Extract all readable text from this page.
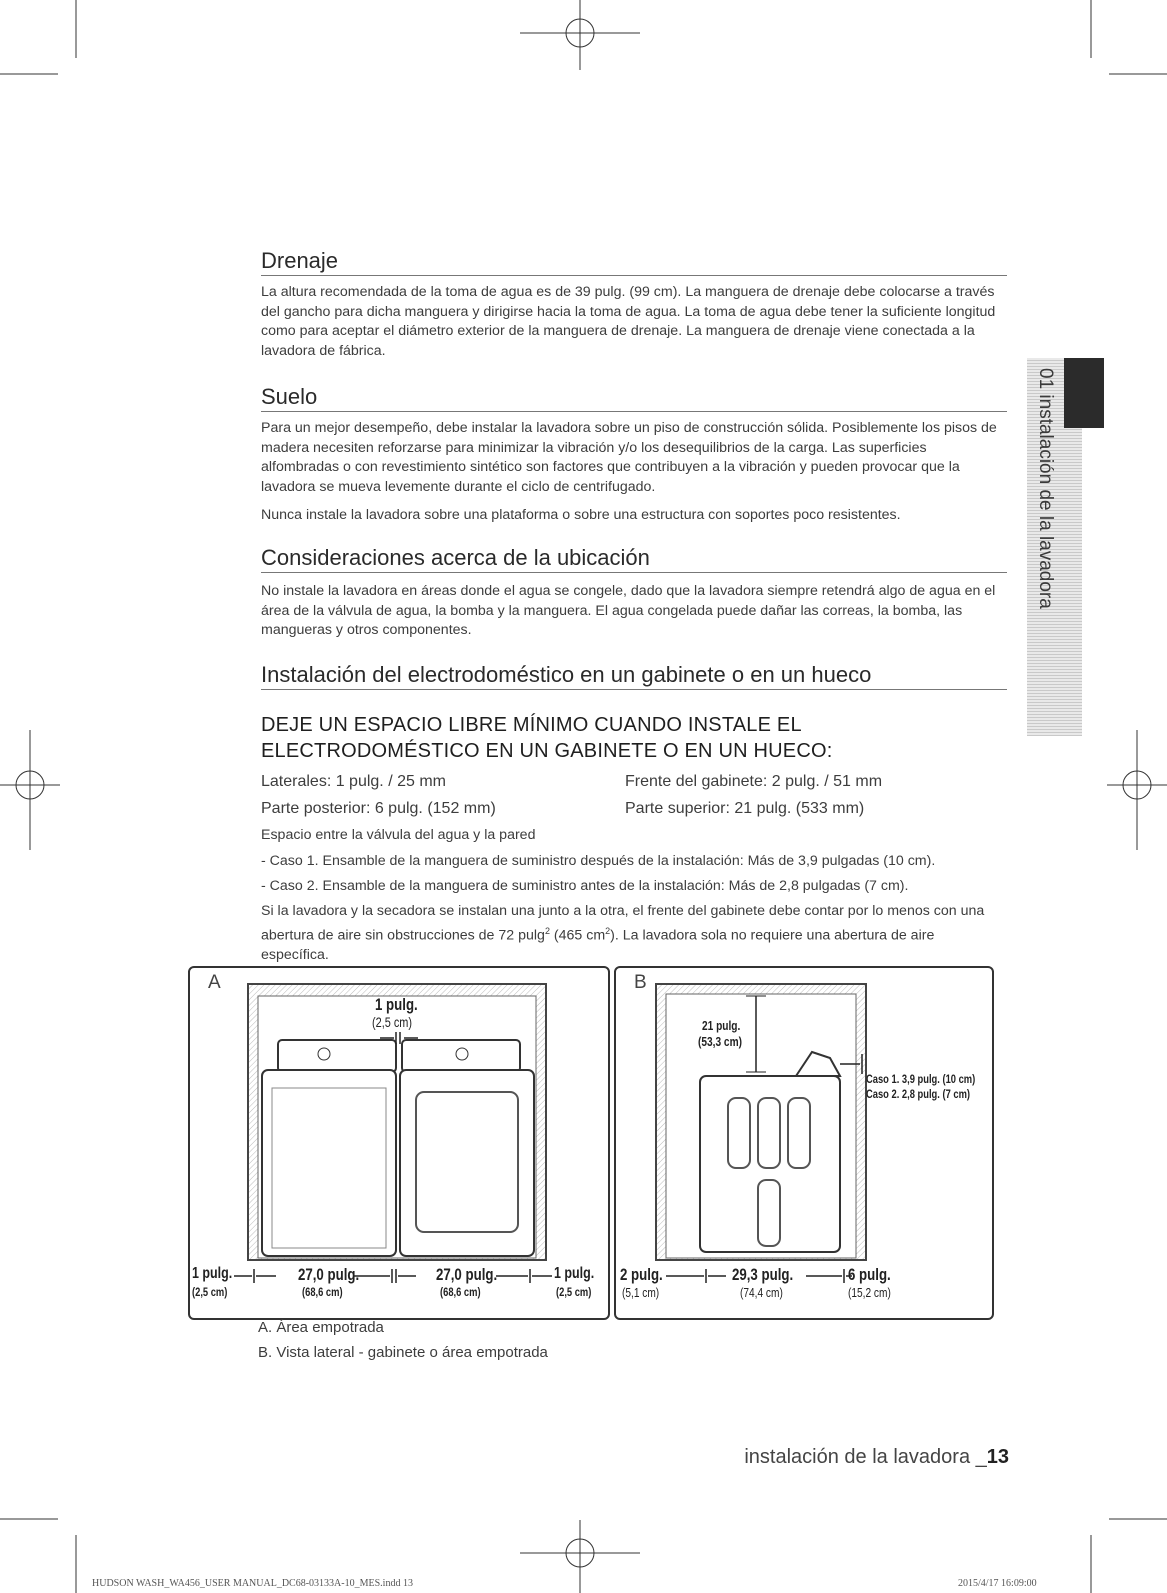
01 instalación de la lavadora
Drenaje

La altura recomendada de la toma de agua es de 39 pulg. (99 cm). La manguera de drenaje debe colocarse a través del gancho para dicha manguera y dirigirse hacia la toma de agua. La toma de agua debe tener la suficiente longitud como para aceptar el diámetro exterior de la manguera de drenaje. La manguera de drenaje viene conectada a la lavadora de fábrica.

Suelo

Para un mejor desempeño, debe instalar la lavadora sobre un piso de construcción sólida. Posiblemente los pisos de madera necesiten reforzarse para minimizar la vibración y/o los desequilibrios de la carga. Las superficies alfombradas o con revestimiento sintético son factores que contribuyen a la vibración y pueden provocar que la lavadora se mueva levemente durante el ciclo de centrifugado.

Nunca instale la lavadora sobre una plataforma o sobre una estructura con soportes poco resistentes.

Consideraciones acerca de la ubicación

No instale la lavadora en áreas donde el agua se congele, dado que la lavadora siempre retendrá algo de agua en el área de la válvula de agua, la bomba y la manguera. El agua congelada puede dañar las correas, la bomba, las mangueras y otros componentes.

Instalación del electrodoméstico en un gabinete o en un hueco
DEJE UN ESPACIO LIBRE MÍNIMO CUANDO INSTALE EL
ELECTRODOMÉSTICO EN UN GABINETE O EN UN HUECO:
Laterales: 1 pulg. / 25 mm	Frente del gabinete: 2 pulg. / 51 mm
Parte posterior: 6 pulg. (152 mm)	Parte superior: 21 pulg. (533 mm)

Espacio entre la válvula del agua y la pared

- Caso 1. Ensamble de la manguera de suministro después de la instalación: Más de 3,9 pulgadas (10 cm).

- Caso 2. Ensamble de la manguera de suministro antes de la instalación: Más de 2,8 pulgadas (7 cm).

Si la lavadora y la secadora se instalan una junto a la otra, el frente del gabinete debe contar por lo menos con una abertura de aire sin obstrucciones de 72 pulg$^2$ (465 $cm^2$). La lavadora sola no requiere una abertura de aire específica.

A
1 pulg.
(2,5 cm)
1 pulg.
(2,5 cm)
27,0 pulg.
(68,6 cm)
27,0 pulg.
(68,6 cm)
1 pulg.
(2,5 cm)
B
21 pulg.
(53,3 cm)
Caso 1. 3,9 pulg. (10 cm)
Caso 2. 2,8 pulg. (7 cm)
2 pulg.
(5,1 cm)
29,3 pulg.
(74,4 cm)
6 pulg.
(15,2 cm)
A. Área empotrada
B. Vista lateral - gabinete o área empotrada
instalación de la lavadora _13
HUDSON WASH_WA456_USER MANUAL_DC68-03133A-10_MES.indd 13	2015/4/17 16:09:00
